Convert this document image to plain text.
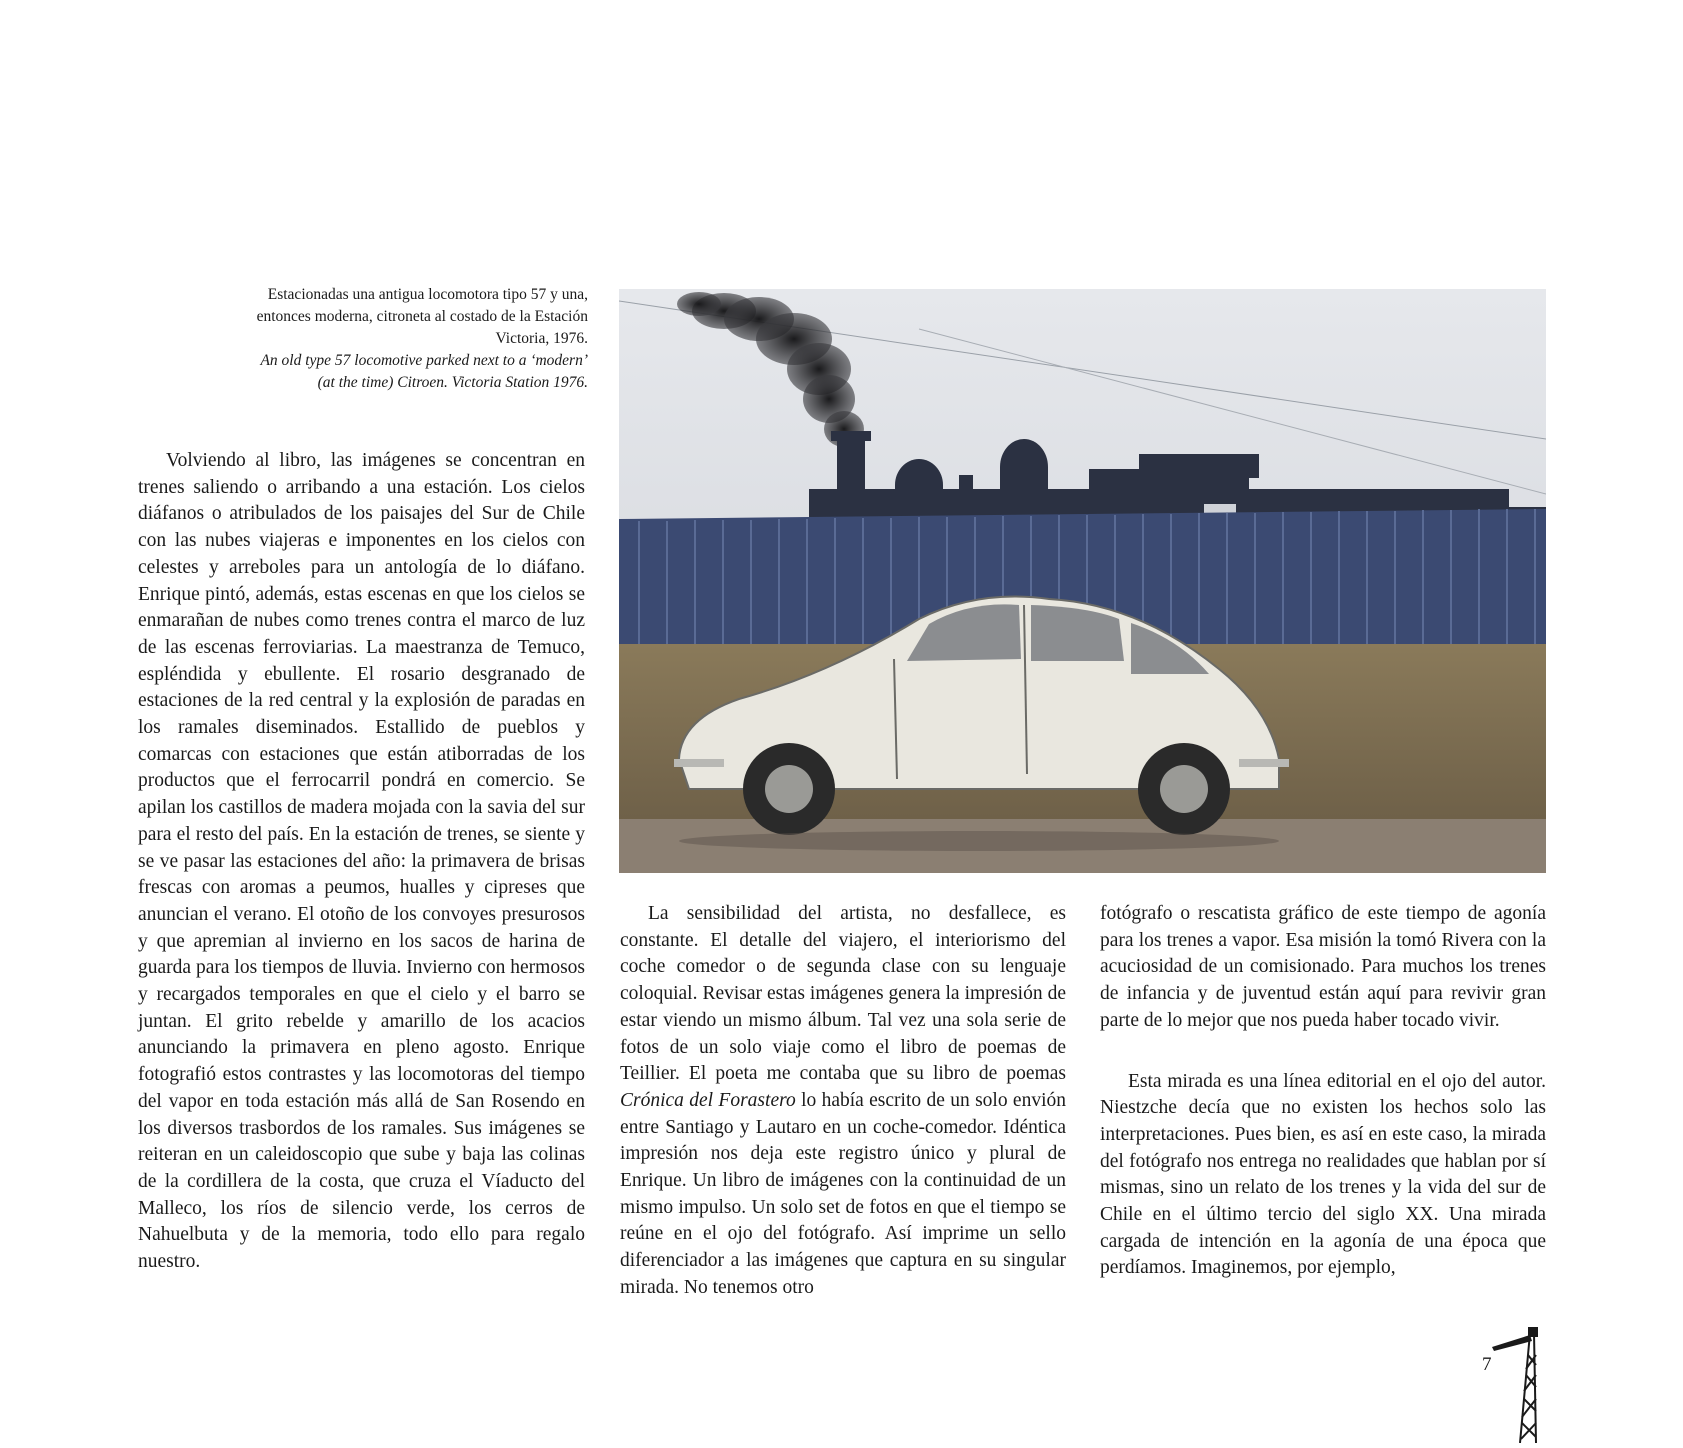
Estacionadas una antigua locomotora tipo 57 y una,
entonces moderna, citroneta al costado de la Estación
Victoria, 1976.
An old type 57 locomotive parked next to a ‘modern’
(at the time) Citroen. Victoria Station 1976.

Volviendo al libro, las imágenes se concentran en trenes saliendo o arribando a una estación. Los cielos diáfanos o atribulados de los paisajes del Sur de Chile con las nubes viajeras e imponentes en los cielos con celestes y arreboles para un antología de lo diáfano. Enrique pintó, además, estas escenas en que los cielos se enmarañan de nubes como trenes contra el marco de luz de las escenas ferroviarias. La maestranza de Temuco, espléndida y ebullente. El rosario desgranado de estaciones de la red central y la explosión de paradas en los ramales diseminados. Estallido de pueblos y comarcas con estaciones que están atiborradas de los productos que el ferrocarril pondrá en comercio. Se apilan los castillos de madera mojada con la savia del sur para el resto del país. En la estación de trenes, se siente y se ve pasar las estaciones del año: la primavera de brisas frescas con aromas a peumos, hualles y cipreses que anuncian el verano. El otoño de los convoyes presurosos y que apremian al invierno en los sacos de harina de guarda para los tiempos de lluvia. Invierno con hermosos y recargados temporales en que el cielo y el barro se juntan. El grito rebelde y amarillo de los acacios anunciando la primavera en pleno agosto. Enrique fotografió estos contrastes y las locomotoras del tiempo del vapor en toda estación más allá de San Rosendo en los diversos trasbordos de los ramales. Sus imágenes se reiteran en un caleidoscopio que sube y baja las colinas de la cordillera de la costa, que cruza el Víaducto del Malleco, los ríos de silencio verde, los cerros de Nahuelbuta y de la memoria, todo ello para regalo nuestro.

La sensibilidad del artista, no desfallece, es constante. El detalle del viajero, el interiorismo del coche comedor o de segunda clase con su lenguaje coloquial. Revisar estas imágenes genera la impresión de estar viendo un mismo álbum. Tal vez una sola serie de fotos de un solo viaje como el libro de poemas de Teillier. El poeta me contaba que su libro de poemas Crónica del Forastero lo había escrito de un solo envión entre Santiago y Lautaro en un coche-comedor. Idéntica impresión nos deja este registro único y plural de Enrique. Un libro de imágenes con la continuidad de un mismo impulso. Un solo set de fotos en que el tiempo se reúne en el ojo del fotógrafo. Así imprime un sello diferenciador a las imágenes que captura en su singular mirada. No tenemos otro

fotógrafo o rescatista gráfico de este tiempo de agonía para los trenes a vapor. Esa misión la tomó Rivera con la acuciosidad de un comisionado. Para muchos los trenes de infancia y de juventud están aquí para revivir gran parte de lo mejor que nos pueda haber tocado vivir.

Esta mirada es una línea editorial en el ojo del autor. Niestzche decía que no existen los hechos solo las interpretaciones. Pues bien, es así en este caso, la mirada del fotógrafo nos entrega no realidades que hablan por sí mismas, sino un relato de los trenes y la vida del sur de Chile en el último tercio del siglo XX. Una mirada cargada de intención en la agonía de una época que perdíamos. Imaginemos, por ejemplo,

7
